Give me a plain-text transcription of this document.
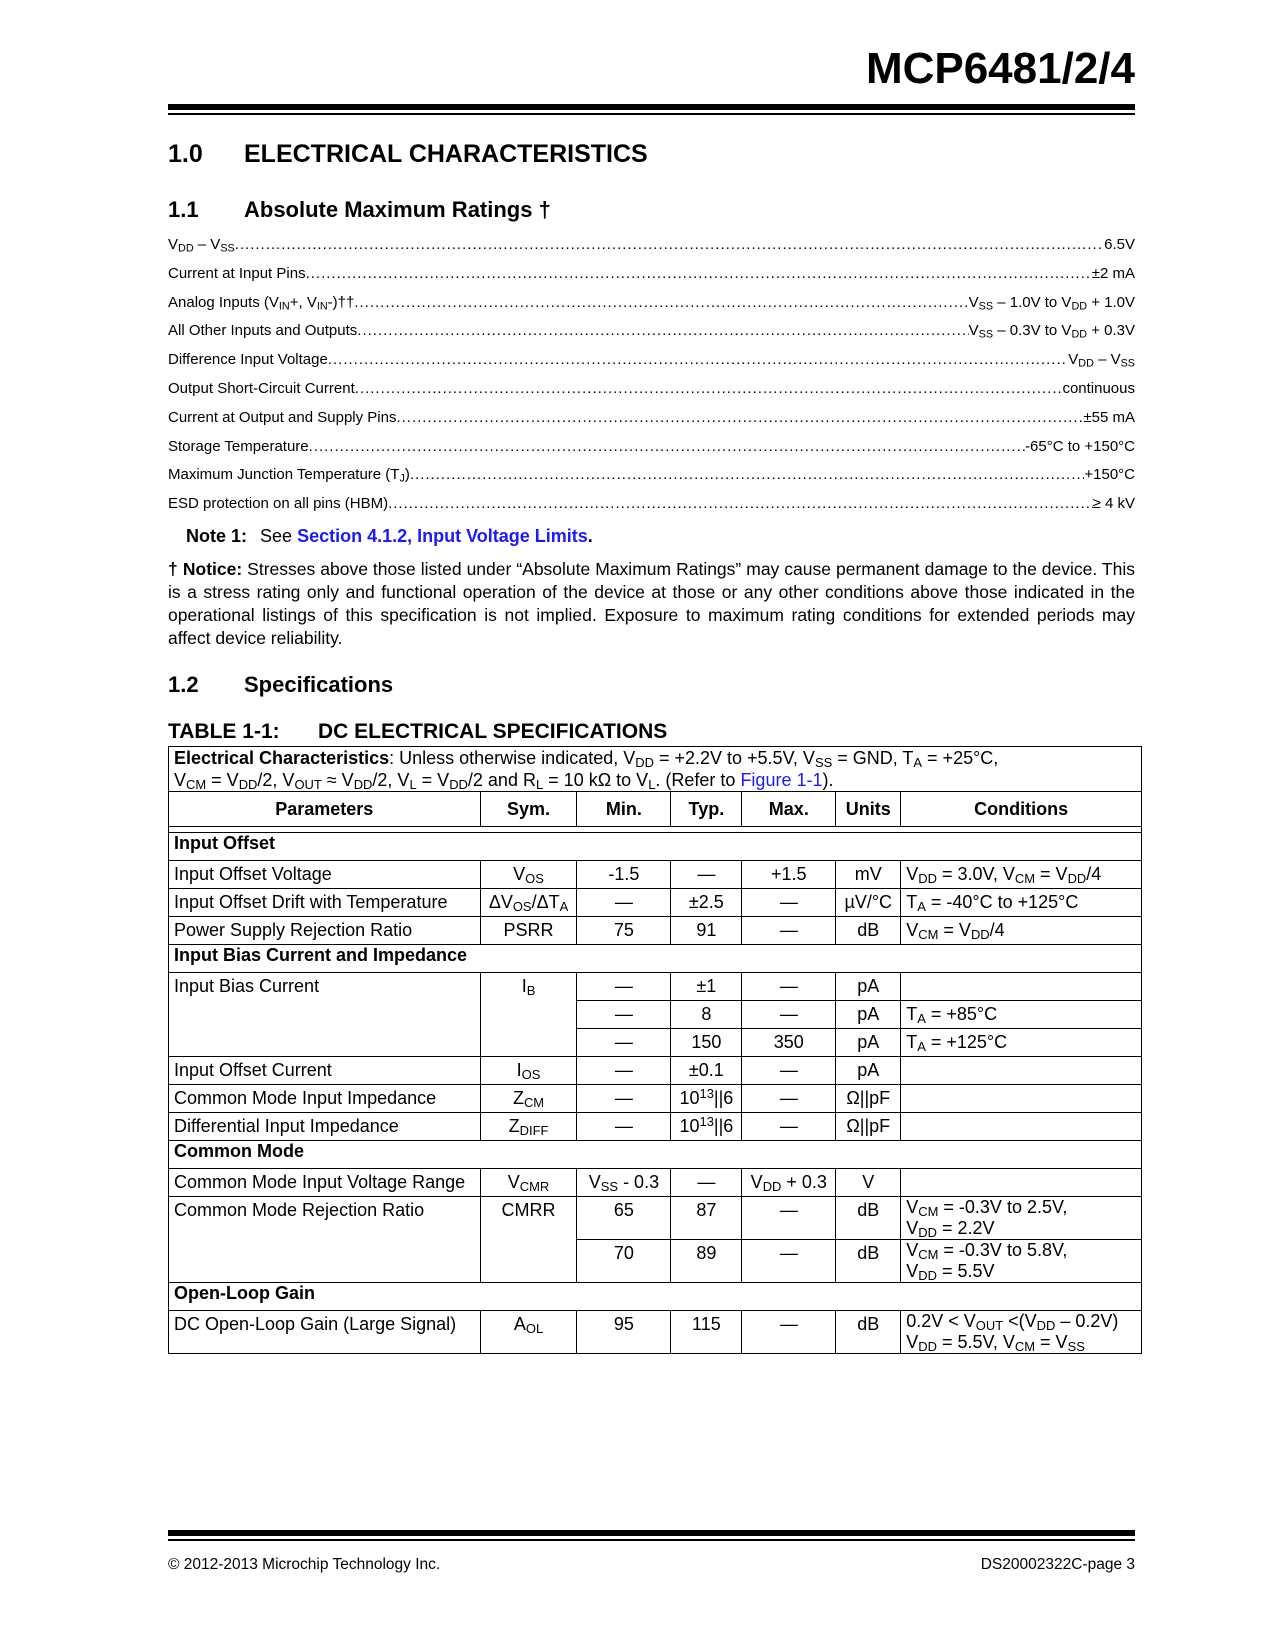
MCP6481/2/4
1.0 ELECTRICAL CHARACTERISTICS
1.1 Absolute Maximum Ratings †
$V_{DD} - V_{SS}$ .....	6.5V
Current at Input Pins .....	±2 mA
Analog Inputs ($V_{IN}+$, $V_{IN}-)\dagger\dagger$ .....	$V_{SS} - 1.0V$ to $V_{DD} + 1.0V$
All Other Inputs and Outputs .....	$V_{SS} - 0.3V$ to $V_{DD} + 0.3V$
Difference Input Voltage .....	$V_{DD} - V_{SS}$
Output Short-Circuit Current .....	continuous
Current at Output and Supply Pins .....	±55 mA
Storage Temperature .....	-65°C to +150°C
Maximum Junction Temperature $(T_J)$ .....	+150°C
ESD protection on all pins (HBM) .....	≥ 4 kV
Note 1: See Section 4.1.2, Input Voltage Limits.

† Notice: Stresses above those listed under “Absolute Maximum Ratings” may cause permanent damage to the device. This is a stress rating only and functional operation of the device at those or any other conditions above those indicated in the operational listings of this specification is not implied. Exposure to maximum rating conditions for extended periods may affect device reliability.

1.2 Specifications
TABLE 1-1: DC ELECTRICAL SPECIFICATIONS
Electrical Characteristics: Unless otherwise indicated, $V_{DD} = +2.2V$ to +5.5V, $V_{SS}$ = GND, $T_A = +25^\circ C$,
$V_{CM} = V_{DD}/2$, $V_{OUT} \approx V_{DD}/2$, $V_L = V_{DD}/2$ and $R_L = 10$ kΩ to $V_L$. (Refer to Figure 1-1).						
Parameters	Sym.	Min.	Typ.	Max.	Units	Conditions

Input Offset						
Input Offset Voltage	$V_{OS}$	-1.5	—	+1.5	mV	$V_{DD} = 3.0V$, $V_{CM} = V_{DD}/4$
Input Offset Drift with Temperature	$\Delta V_{OS}/\Delta T_A$	—	±2.5	—	µV/°C	$T_A = -40^\circ C$ to +125°C
Power Supply Rejection Ratio	PSRR	75	91	—	dB	$V_{CM} = V_{DD}/4$
Input Bias Current and Impedance						
Input Bias Current	$I_B$	—	±1	—	pA	
		—	8	—	pA	$T_A = +85^\circ C$
		—	150	350	pA	$T_A = +125^\circ C$
Input Offset Current	$I_{OS}$	—	±0.1	—	pA	
Common Mode Input Impedance	$Z_{CM}$	—	$10^{13}||6$	—	Ω||pF	
Differential Input Impedance	$Z_{DIFF}$	—	$10^{13}||6$	—	Ω||pF	
Common Mode						
Common Mode Input Voltage Range	$V_{CMR}$	$V_{SS} - 0.3$	—	$V_{DD} + 0.3$	V	
Common Mode Rejection Ratio	CMRR	65	87	—	dB	$V_{CM} = -0.3V$ to 2.5V,
$V_{DD} = 2.2V$
		70	89	—	dB	$V_{CM} = -0.3V$ to 5.8V,
$V_{DD} = 5.5V$
Open-Loop Gain						
DC Open-Loop Gain (Large Signal)	$A_{OL}$	95	115	—	dB	$0.2V < V_{OUT} <(V_{DD} - 0.2V)$
$V_{DD} = 5.5V$, $V_{CM} = V_{SS}$
© 2012-2013 Microchip Technology Inc.	DS20002322C-page 3
